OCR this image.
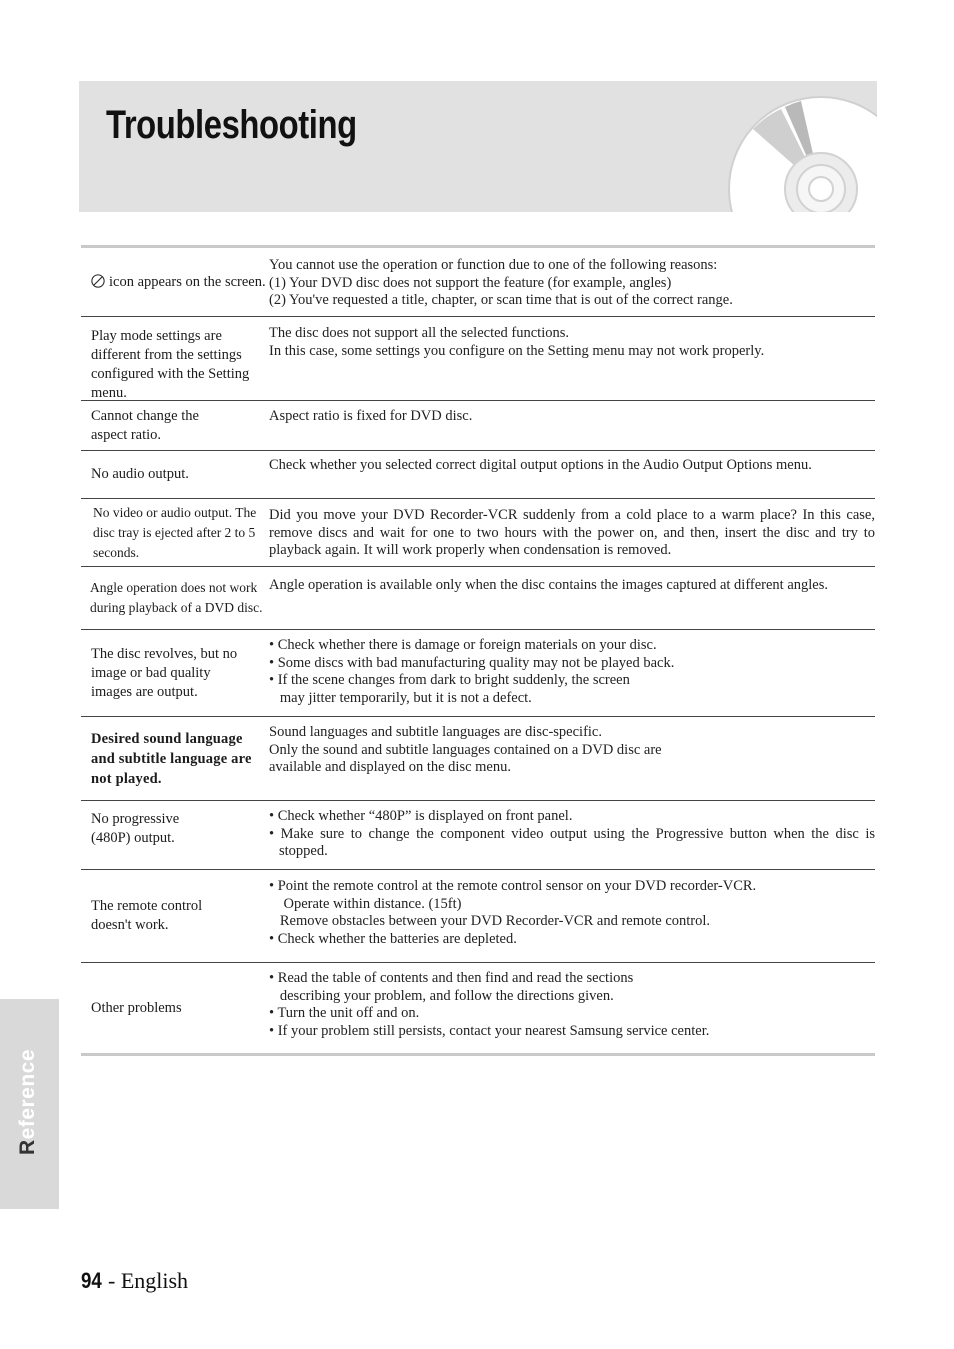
Troubleshooting
icon appears on the screen.
You cannot use the operation or function due to one of the following reasons:
(1) Your DVD disc does not support the feature (for example, angles)
(2) You've requested a title, chapter, or scan time that is out of the correct range.
Play mode settings are different from the settings configured with the Setting menu.
The disc does not support all the selected functions.
In this case, some settings you configure on the Setting menu may not work properly.
Cannot change the aspect ratio.
Aspect ratio is fixed for DVD disc.
No audio output.
Check whether you selected correct digital output options in the Audio Output Options menu.
No video or audio output. The disc tray is ejected after 2 to 5 seconds.
Did you move your DVD Recorder-VCR suddenly from a cold place to a warm place? In this case, remove discs and wait for one to two hours with the power on, and then, insert the disc and try to playback again. It will work properly when condensation is removed.
Angle operation does not work during playback of a DVD disc.
Angle operation is available only when the disc contains the images captured at different angles.
The disc revolves, but no image or bad quality images are output.
• Check whether there is damage or foreign materials on your disc.
• Some discs with bad manufacturing quality may not be played back.
• If the scene changes from dark to bright suddenly, the screen
may jitter temporarily, but it is not a defect.
Desired sound language and subtitle language are not played.
Sound languages and subtitle languages are disc-specific.
Only the sound and subtitle languages contained on a DVD disc are
available and displayed on the disc menu.
No progressive (480P) output.
• Check whether “480P” is displayed on front panel.
• Make sure to change the component video output using the Progressive button when the disc is stopped.
The remote control doesn't work.
• Point the remote control at the remote control sensor on your DVD recorder-VCR.
Operate within distance. (15ft)
Remove obstacles between your DVD Recorder-VCR and remote control.
• Check whether the batteries are depleted.
Other problems
• Read the table of contents and then find and read the sections
describing your problem, and follow the directions given.
• Turn the unit off and on.
• If your problem still persists, contact your nearest Samsung service center.
Reference
94 - English
